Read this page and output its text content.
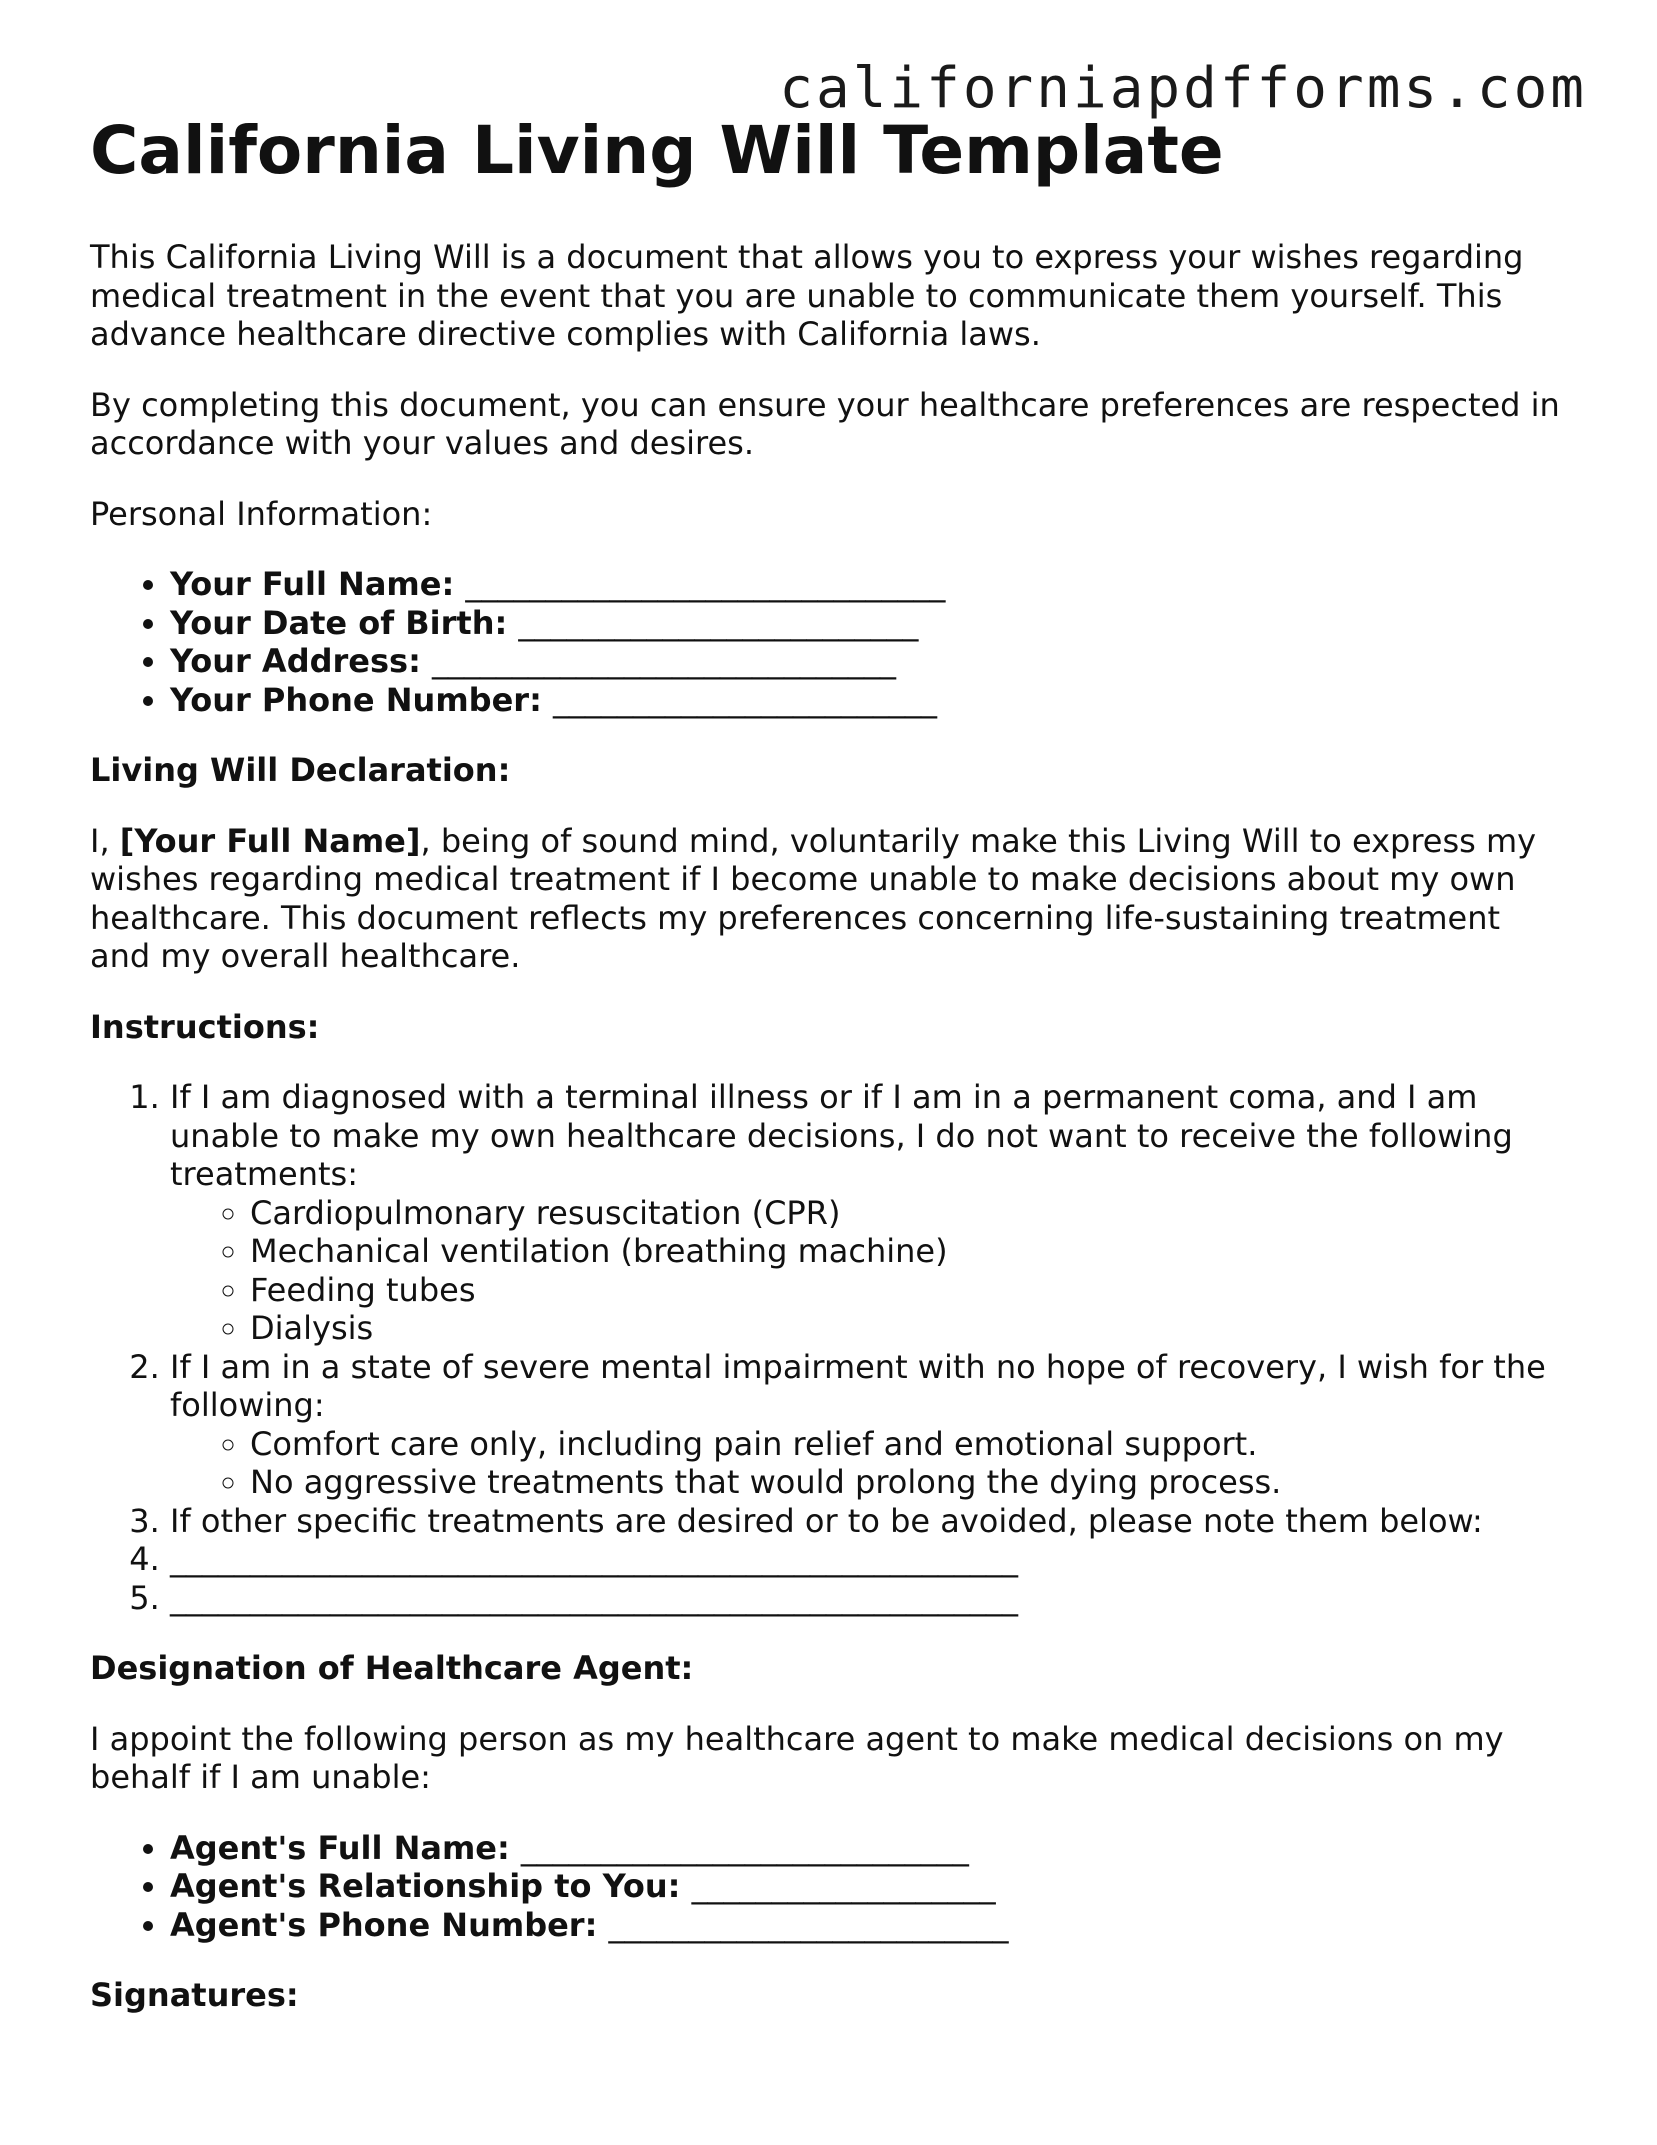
californiapdfforms.com
California Living Will Template

This California Living Will is a document that allows you to express your wishes regarding medical treatment in the event that you are unable to communicate them yourself. This advance healthcare directive complies with California laws.

By completing this document, you can ensure your healthcare preferences are respected in accordance with your values and desires.

Personal Information:

• Your Full Name: ______________________________
• Your Date of Birth: _________________________
• Your Address: _____________________________
• Your Phone Number: ________________________

Living Will Declaration:

I, [Your Full Name], being of sound mind, voluntarily make this Living Will to express my wishes regarding medical treatment if I become unable to make decisions about my own healthcare. This document reflects my preferences concerning life-sustaining treatment and my overall healthcare.

Instructions:

1. If I am diagnosed with a terminal illness or if I am in a permanent coma, and I am unable to make my own healthcare decisions, I do not want to receive the following treatments:
◦ Cardiopulmonary resuscitation (CPR)
◦ Mechanical ventilation (breathing machine)
◦ Feeding tubes
◦ Dialysis
2. If I am in a state of severe mental impairment with no hope of recovery, I wish for the following:
◦ Comfort care only, including pain relief and emotional support.
◦ No aggressive treatments that would prolong the dying process.
3. If other specific treatments are desired or to be avoided, please note them below:
4. _____________________________________________________
5. _____________________________________________________

Designation of Healthcare Agent:

I appoint the following person as my healthcare agent to make medical decisions on my behalf if I am unable:

• Agent's Full Name: ____________________________
• Agent's Relationship to You: ___________________
• Agent's Phone Number: _________________________

Signatures:
